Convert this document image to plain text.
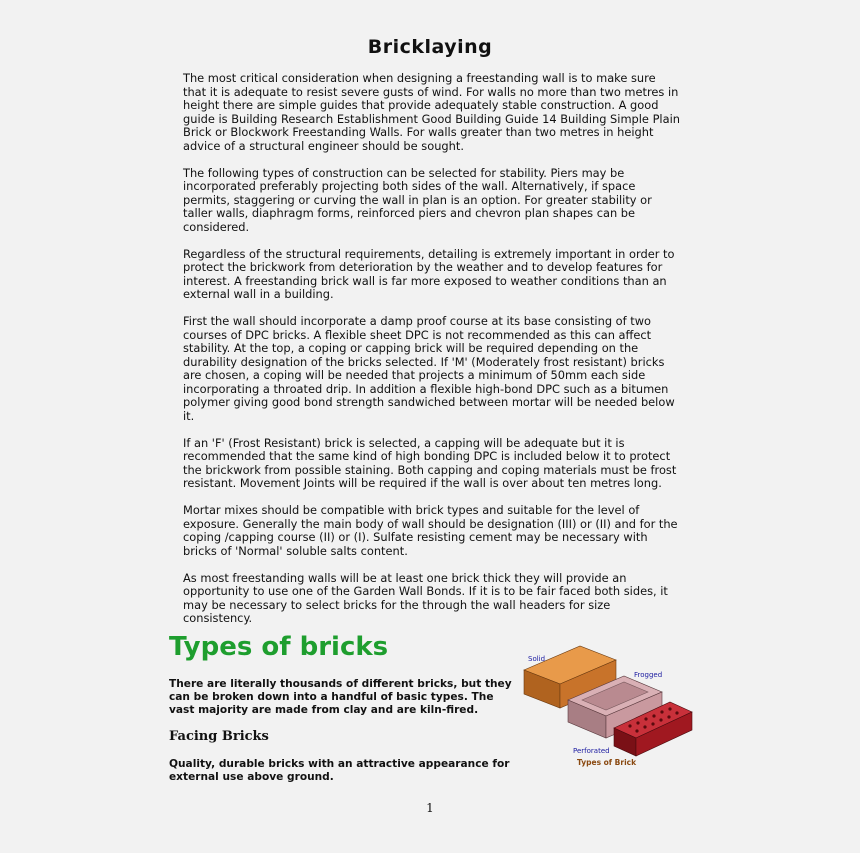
Bricklaying

The most critical consideration when designing a freestanding wall is to make sure that it is adequate to resist severe gusts of wind. For walls no more than two metres in height there are simple guides that provide adequately stable construction. A good guide is Building Research Establishment Good Building Guide 14 Building Simple Plain Brick or Blockwork Freestanding Walls. For walls greater than two metres in height advice of a structural engineer should be sought.

The following types of construction can be selected for stability. Piers may be incorporated preferably projecting both sides of the wall. Alternatively, if space permits, staggering or curving the wall in plan is an option. For greater stability or taller walls, diaphragm forms, reinforced piers and chevron plan shapes can be considered.

Regardless of the structural requirements, detailing is extremely important in order to protect the brickwork from deterioration by the weather and to develop features for interest. A freestanding brick wall is far more exposed to weather conditions than an external wall in a building.

First the wall should incorporate a damp proof course at its base consisting of two courses of DPC bricks. A flexible sheet DPC is not recommended as this can affect stability. At the top, a coping or capping brick will be required depending on the durability designation of the bricks selected. If 'M' (Moderately frost resistant) bricks are chosen, a coping will be needed that projects a minimum of 50mm each side incorporating a throated drip. In addition a flexible high-bond DPC such as a bitumen polymer giving good bond strength sandwiched between mortar will be needed below it.

If an 'F' (Frost Resistant) brick is selected, a capping will be adequate but it is recommended that the same kind of high bonding DPC is included below it to protect the brickwork from possible staining. Both capping and coping materials must be frost resistant. Movement Joints will be required if the wall is over about ten metres long.

Mortar mixes should be compatible with brick types and suitable for the level of exposure. Generally the main body of wall should be designation (III) or (II) and for the coping /capping course (II) or (I). Sulfate resisting cement may be necessary with bricks of 'Normal' soluble salts content.

As most freestanding walls will be at least one brick thick they will provide an opportunity to use one of the Garden Wall Bonds. If it is to be fair faced both sides, it may be necessary to select bricks for the through the wall headers for size consistency.

Types of bricks
There are literally thousands of different bricks, but they can be broken down into a handful of basic types. The vast majority are made from clay and are kiln-fired.
Facing Bricks
Quality, durable bricks with an attractive appearance for external use above ground.
Solid
Frogged
Perforated
Types of Brick
1
